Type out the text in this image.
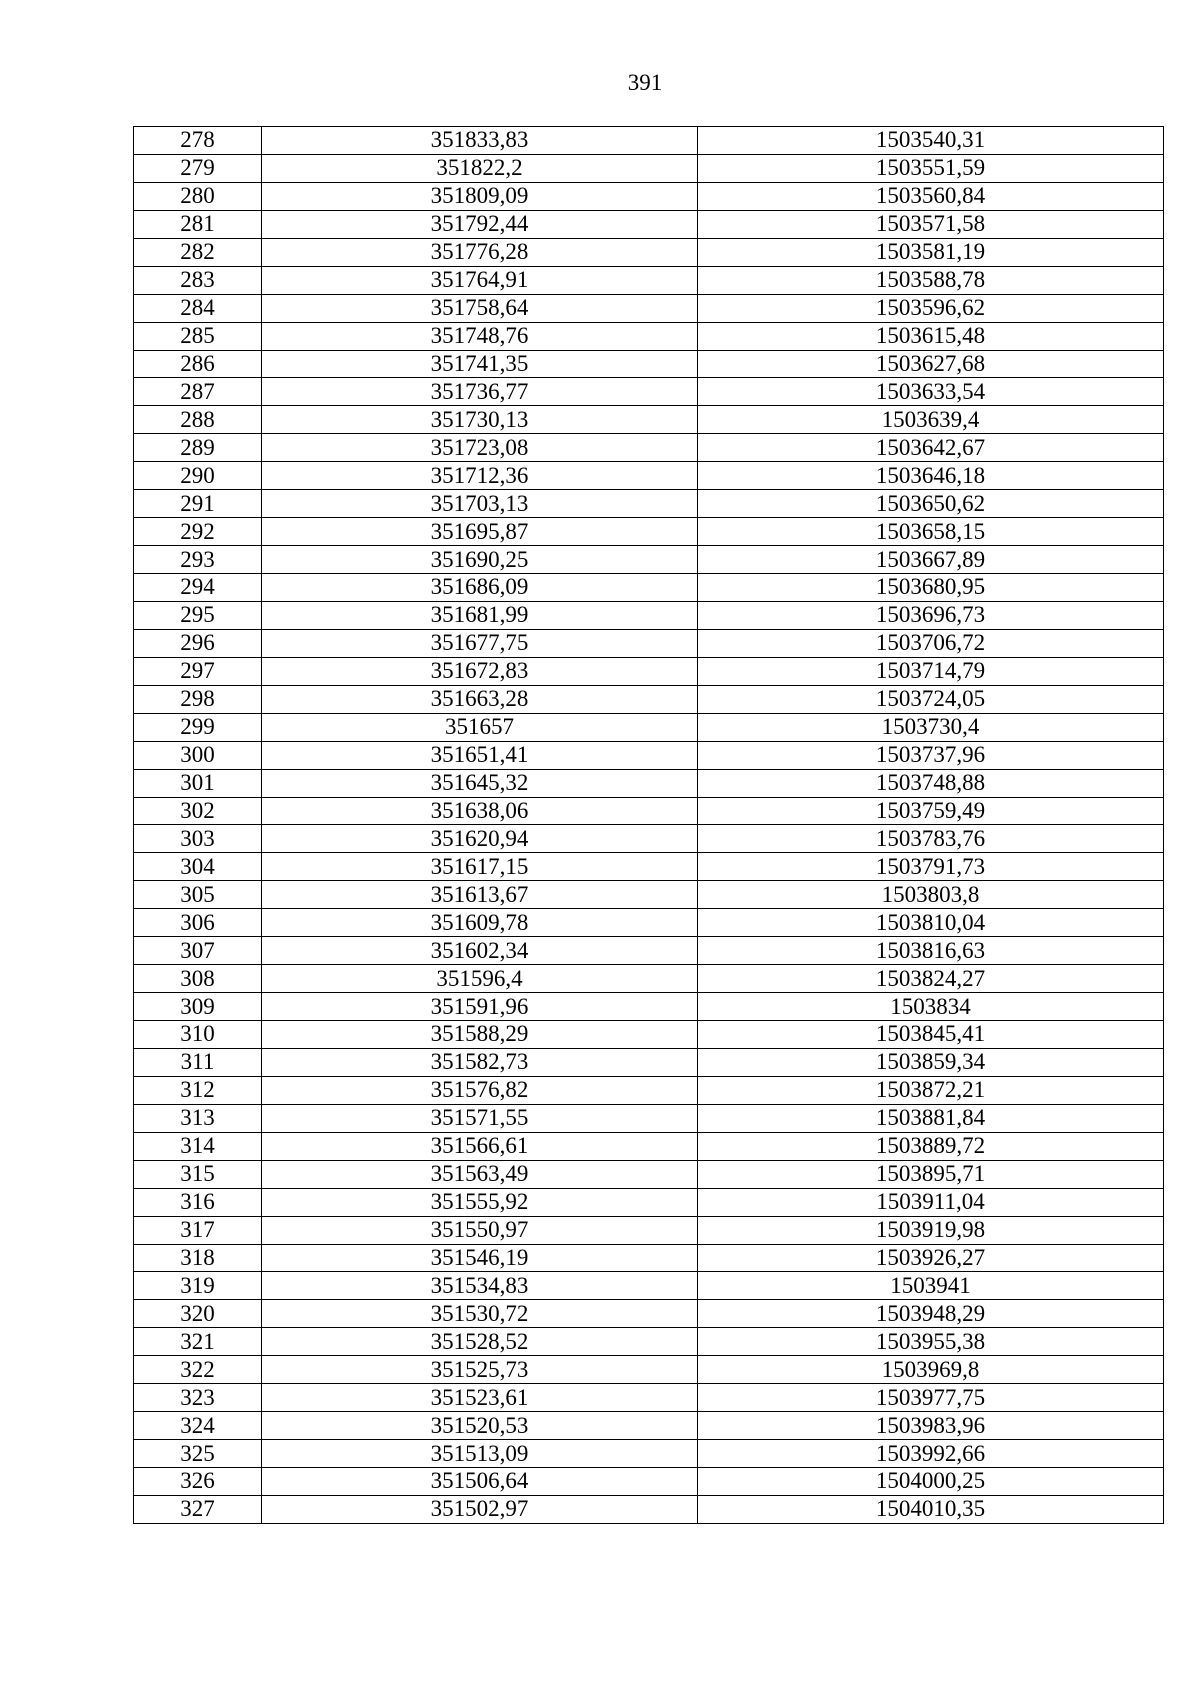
391
278	351833,83	1503540,31
279	351822,2	1503551,59
280	351809,09	1503560,84
281	351792,44	1503571,58
282	351776,28	1503581,19
283	351764,91	1503588,78
284	351758,64	1503596,62
285	351748,76	1503615,48
286	351741,35	1503627,68
287	351736,77	1503633,54
288	351730,13	1503639,4
289	351723,08	1503642,67
290	351712,36	1503646,18
291	351703,13	1503650,62
292	351695,87	1503658,15
293	351690,25	1503667,89
294	351686,09	1503680,95
295	351681,99	1503696,73
296	351677,75	1503706,72
297	351672,83	1503714,79
298	351663,28	1503724,05
299	351657	1503730,4
300	351651,41	1503737,96
301	351645,32	1503748,88
302	351638,06	1503759,49
303	351620,94	1503783,76
304	351617,15	1503791,73
305	351613,67	1503803,8
306	351609,78	1503810,04
307	351602,34	1503816,63
308	351596,4	1503824,27
309	351591,96	1503834
310	351588,29	1503845,41
311	351582,73	1503859,34
312	351576,82	1503872,21
313	351571,55	1503881,84
314	351566,61	1503889,72
315	351563,49	1503895,71
316	351555,92	1503911,04
317	351550,97	1503919,98
318	351546,19	1503926,27
319	351534,83	1503941
320	351530,72	1503948,29
321	351528,52	1503955,38
322	351525,73	1503969,8
323	351523,61	1503977,75
324	351520,53	1503983,96
325	351513,09	1503992,66
326	351506,64	1504000,25
327	351502,97	1504010,35
